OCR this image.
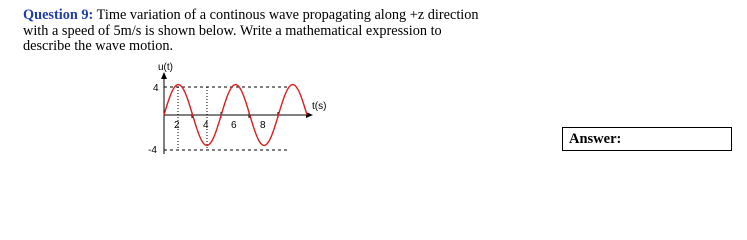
Question 9: Time variation of a continous wave propagating along +z direction with a speed of 5m/s is shown below. Write a mathematical expression to describe the wave motion.
u(t)
t(s)
4
-4
2 4 6 8
Answer:
